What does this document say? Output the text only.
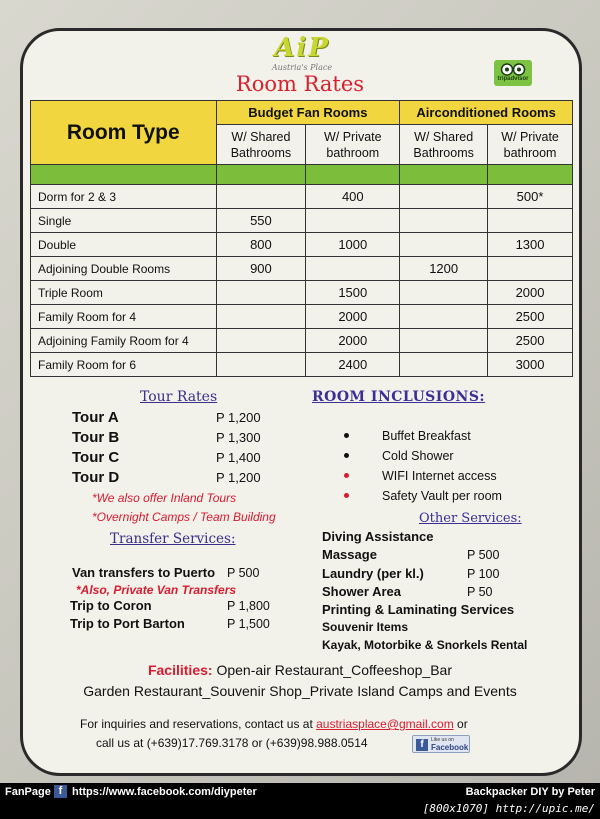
AiP
Austria's Place
tripadvisor
Room Rates
Room Type	Budget Fan Rooms		Airconditioned Rooms	
	W/ Shared Bathrooms	W/ Private bathroom	W/ Shared Bathrooms	W/ Private bathroom

Dorm for 2 & 3		400		500*
Single	550			
Double	800	1000		1300
Adjoining Double Rooms	900		1200	
Triple Room		1500		2000
Family Room for 4		2000		2500
Adjoining Family Room for 4		2000		2500
Family Room for 6		2400		3000
Tour Rates
Tour A	P 1,200
Tour B	P 1,300
Tour C	P 1,400
Tour D	P 1,200
*We also offer Inland Tours
*Overnight Camps / Team Building
ROOM INCLUSIONS:
Buffet Breakfast
Cold Shower
WIFI Internet access
Safety Vault per room
Other Services:
Diving Assistance
Massage	P 500
Laundry (per kl.)	P 100
Shower Area	P 50
Printing & Laminating Services
Souvenir Items
Kayak, Motorbike & Snorkels Rental
Transfer Services:
Van transfers to Puerto P 500
*Also, Private Van Transfers
Trip to Coron	P 1,800
Trip to Port Barton	P 1,500
Facilities: Open-air Restaurant_Coffeeshop_Bar
Garden Restaurant_Souvenir Shop_Private Island Camps and Events
For inquiries and reservations, contact us at austriasplace@gmail.com or
call us at (+639)17.769.3178 or (+639)98.988.0514	f	Like us on
Facebook
FanPage f https://www.facebook.com/diypeter	Backpacker DIY by Peter
[800x1070] http://upic.me/
